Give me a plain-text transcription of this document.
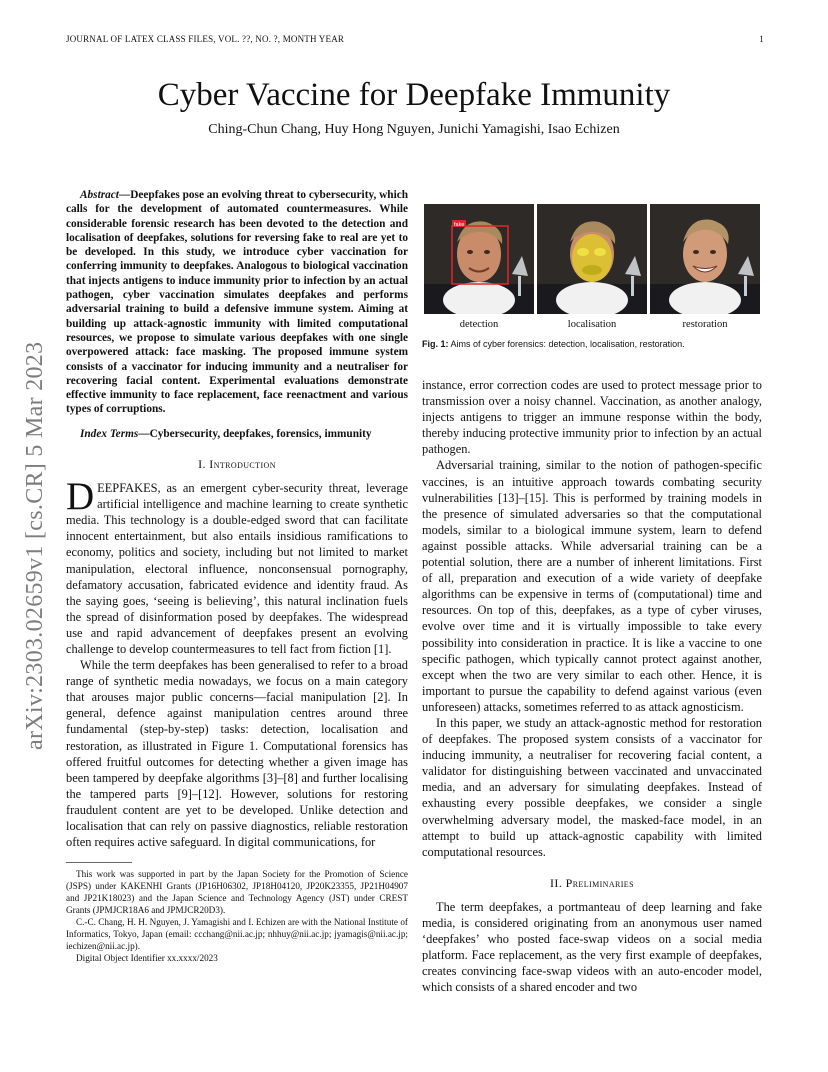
JOURNAL OF LATEX CLASS FILES, VOL. ??, NO. ?, MONTH YEAR	1
Cyber Vaccine for Deepfake Immunity
Ching-Chun Chang, Huy Hong Nguyen, Junichi Yamagishi, Isao Echizen
arXiv:2303.02659v1 [cs.CR] 5 Mar 2023

Abstract—Deepfakes pose an evolving threat to cybersecurity, which calls for the development of automated countermeasures. While considerable forensic research has been devoted to the detection and localisation of deepfakes, solutions for reversing fake to real are yet to be developed. In this study, we introduce cyber vaccination for conferring immunity to deepfakes. Analogous to biological vaccination that injects antigens to induce immunity prior to infection by an actual pathogen, cyber vaccination simulates deepfakes and performs adversarial training to build a defensive immune system. Aiming at building up attack-agnostic immunity with limited computational resources, we propose to simulate various deepfakes with one single overpowered attack: face masking. The proposed immune system consists of a vaccinator for inducing immunity and a neutraliser for recovering facial content. Experimental evaluations demonstrate effective immunity to face replacement, face reenactment and various types of corruptions.

Index Terms—Cybersecurity, deepfakes, forensics, immunity

I. Introduction

DEEPFAKES, as an emergent cyber-security threat, leverage artificial intelligence and machine learning to create synthetic media. This technology is a double-edged sword that can facilitate innocent entertainment, but also entails insidious ramifications to economy, politics and society, including but not limited to market manipulation, electoral influence, nonconsensual pornography, defamatory accusation, fabricated evidence and identity fraud. As the saying goes, ‘seeing is believing’, this natural inclination fuels the spread of disinformation posed by deepfakes. The widespread use and rapid advancement of deepfakes present an evolving challenge to develop countermeasures to tell fact from fiction [1].

While the term deepfakes has been generalised to refer to a broad range of synthetic media nowadays, we focus on a main category that arouses major public concerns—facial manipulation [2]. In general, defence against manipulation centres around three fundamental (step-by-step) tasks: detection, localisation and restoration, as illustrated in Figure 1. Computational forensics has offered fruitful outcomes for detecting whether a given image has been tampered by deepfake algorithms [3]–[8] and further localising the tampered parts [9]–[12]. However, solutions for restoring fraudulent content are yet to be developed. Unlike detection and localisation that can rely on passive diagnostics, reliable restoration often requires active safeguard. In digital communications, for

This work was supported in part by the Japan Society for the Promotion of Science (JSPS) under KAKENHI Grants (JP16H06302, JP18H04120, JP20K23355, JP21H04907 and JP21K18023) and the Japan Science and Technology Agency (JST) under CREST Grants (JPMJCR18A6 and JPMJCR20D3).

C.-C. Chang, H. H. Nguyen, J. Yamagishi and I. Echizen are with the National Institute of Informatics, Tokyo, Japan (email: ccchang@nii.ac.jp; nhhuy@nii.ac.jp; jyamagis@nii.ac.jp; iechizen@nii.ac.jp).

Digital Object Identifier xx.xxxx/2023

fake
detection	localisation	restoration
Fig. 1: Aims of cyber forensics: detection, localisation, restoration.

instance, error correction codes are used to protect message prior to transmission over a noisy channel. Vaccination, as another analogy, injects antigens to trigger an immune response within the body, thereby inducing protective immunity prior to infection by an actual pathogen.

Adversarial training, similar to the notion of pathogen-specific vaccines, is an intuitive approach towards combating security vulnerabilities [13]–[15]. This is performed by training models in the presence of simulated adversaries so that the computational models, similar to a biological immune system, learn to defend against possible attacks. While adversarial training can be a potential solution, there are a number of inherent limitations. First of all, preparation and execution of a wide variety of deepfake algorithms can be expensive in terms of (computational) time and resources. On top of this, deepfakes, as a type of cyber viruses, evolve over time and it is virtually impossible to take every possibility into consideration in practice. It is like a vaccine to one specific pathogen, which typically cannot protect against another, except when the two are very similar to each other. Hence, it is important to pursue the capability to defend against various (even unforeseen) attacks, sometimes referred to as attack agnosticism.

In this paper, we study an attack-agnostic method for restoration of deepfakes. The proposed system consists of a vaccinator for inducing immunity, a neutraliser for recovering facial content, a validator for distinguishing between vaccinated and unvaccinated media, and an adversary for simulating deepfakes. Instead of exhausting every possible deepfakes, we consider a single overwhelming adversary model, the masked-face model, in an attempt to build up attack-agnostic capability with limited computational resources.

II. Preliminaries

The term deepfakes, a portmanteau of deep learning and fake media, is considered originating from an anonymous user named ‘deepfakes’ who posted face-swap videos on a social media platform. Face replacement, as the very first example of deepfakes, creates convincing face-swap videos with an auto-encoder model, which consists of a shared encoder and two
